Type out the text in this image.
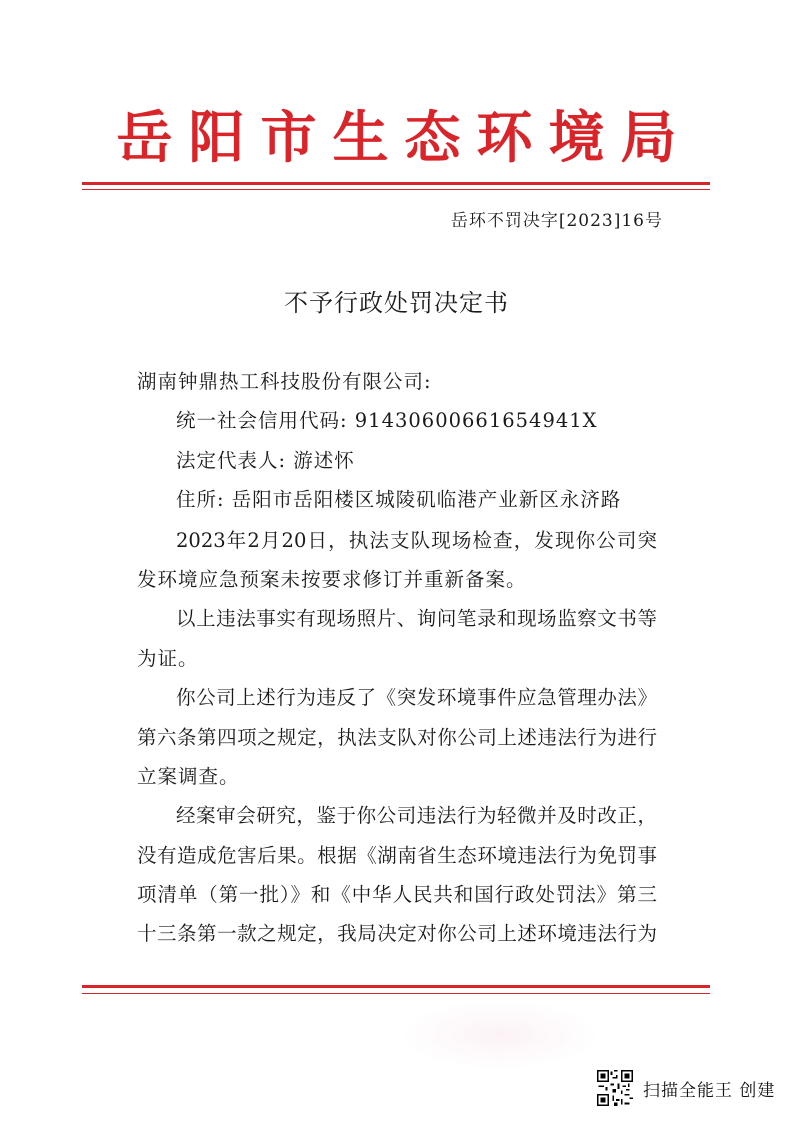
岳阳市生态环境局
岳环不罚决字[2023]16号
不予行政处罚决定书
湖南钟鼎热工科技股份有限公司:
统一社会信用代码: 91430600661654941X
法定代表人: 游述怀
住所: 岳阳市岳阳楼区城陵矶临港产业新区永济路
2023年2月20日，执法支队现场检查，发现你公司突
发环境应急预案未按要求修订并重新备案。
以上违法事实有现场照片、询问笔录和现场监察文书等
为证。
你公司上述行为违反了《突发环境事件应急管理办法》
第六条第四项之规定，执法支队对你公司上述违法行为进行
立案调查。
经案审会研究，鉴于你公司违法行为轻微并及时改正，
没有造成危害后果。根据《湖南省生态环境违法行为免罚事
项清单（第一批）》和《中华人民共和国行政处罚法》第三
十三条第一款之规定，我局决定对你公司上述环境违法行为
扫描全能王 创建
